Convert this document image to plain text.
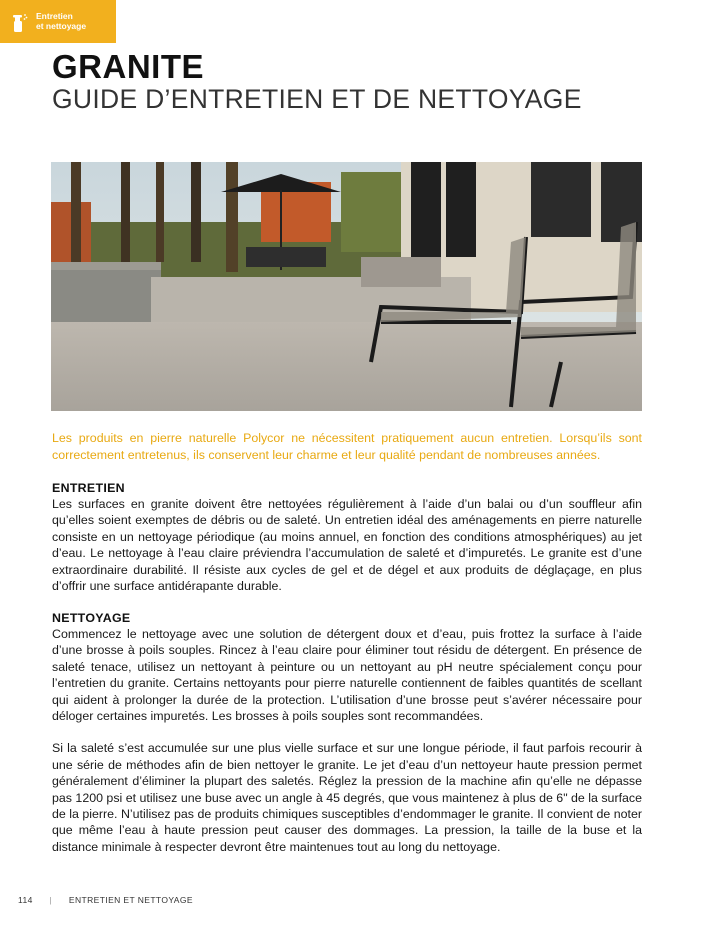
Entretien
et nettoyage
GRANITE
GUIDE D’ENTRETIEN ET DE NETTOYAGE

Les produits en pierre naturelle Polycor ne nécessitent pratiquement aucun entretien. Lorsqu’ils sont correctement entretenus, ils conservent leur charme et leur qualité pendant de nombreuses années.

ENTRETIEN

Les surfaces en granite doivent être nettoyées régulièrement à l’aide d’un balai ou d’un souffleur afin qu’elles soient exemptes de débris ou de saleté. Un entretien idéal des aménagements en pierre naturelle consiste en un nettoyage périodique (au moins annuel, en fonction des conditions atmosphériques) au jet d’eau. Le nettoyage à l’eau claire préviendra l’accumulation de saleté et d’impuretés. Le granite est d’une extraordinaire durabilité. Il résiste aux cycles de gel et de dégel et aux produits de déglaçage, en plus d’offrir une surface antidérapante durable.

NETTOYAGE

Commencez le nettoyage avec une solution de détergent doux et d’eau, puis frottez la surface à l’aide d’une brosse à poils souples. Rincez à l’eau claire pour éliminer tout résidu de détergent. En présence de saleté tenace, utilisez un nettoyant à peinture ou un nettoyant au pH neutre spécialement conçu pour l’entretien du granite. Certains nettoyants pour pierre naturelle contiennent de faibles quantités de scellant qui aident à prolonger la durée de la protection. L’utilisation d’une brosse peut s’avérer nécessaire pour déloger certaines impuretés. Les brosses à poils souples sont recommandées.

Si la saleté s’est accumulée sur une plus vielle surface et sur une longue période, il faut parfois recourir à une série de méthodes afin de bien nettoyer le granite. Le jet d’eau d’un nettoyeur haute pression permet généralement d’éliminer la plupart des saletés. Réglez la pression de la machine afin qu’elle ne dépasse pas 1200 psi et utilisez une buse avec un angle à 45 degrés, que vous maintenez à plus de 6" de la surface de la pierre. N’utilisez pas de produits chimiques susceptibles d’endommager le granite. Il convient de noter que même l’eau à haute pression peut causer des dommages. La pression, la taille de la buse et la distance minimale à respecter devront être maintenues tout au long du nettoyage.

114 | ENTRETIEN ET NETTOYAGE
